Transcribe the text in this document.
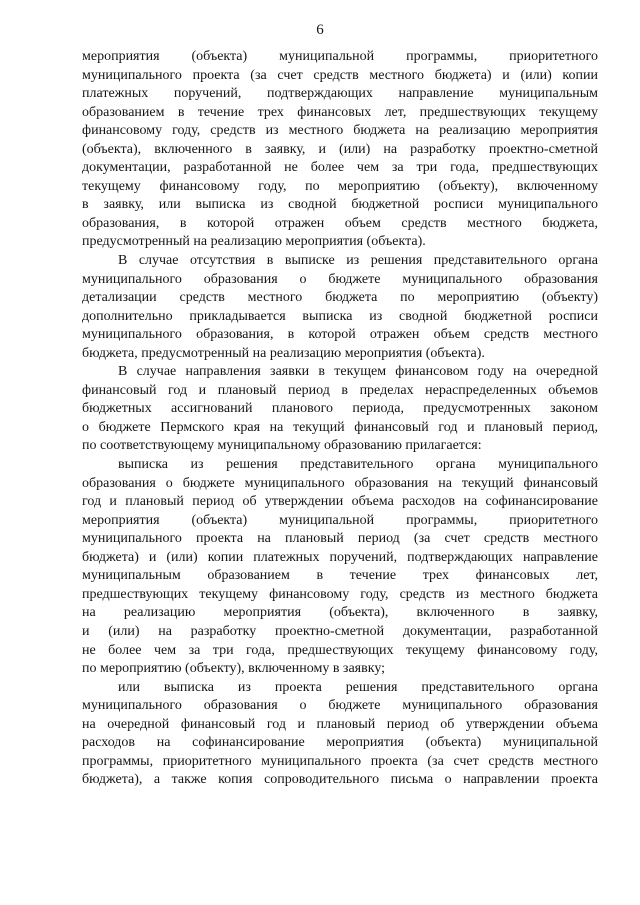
6
мероприятия (объекта) муниципальной программы, приоритетного
муниципального проекта (за счет средств местного бюджета) и (или) копии
платежных поручений, подтверждающих направление муниципальным
образованием в течение трех финансовых лет, предшествующих текущему
финансовому году, средств из местного бюджета на реализацию мероприятия
(объекта), включенного в заявку, и (или) на разработку проектно-сметной
документации, разработанной не более чем за три года, предшествующих
текущему финансовому году, по мероприятию (объекту), включенному
в заявку, или выписка из сводной бюджетной росписи муниципального
образования, в которой отражен объем средств местного бюджета,
предусмотренный на реализацию мероприятия (объекта).
В случае отсутствия в выписке из решения представительного органа
муниципального образования о бюджете муниципального образования
детализации средств местного бюджета по мероприятию (объекту)
дополнительно прикладывается выписка из сводной бюджетной росписи
муниципального образования, в которой отражен объем средств местного
бюджета, предусмотренный на реализацию мероприятия (объекта).
В случае направления заявки в текущем финансовом году на очередной
финансовый год и плановый период в пределах нераспределенных объемов
бюджетных ассигнований планового периода, предусмотренных законом
о бюджете Пермского края на текущий финансовый год и плановый период,
по соответствующему муниципальному образованию прилагается:
выписка из решения представительного органа муниципального
образования о бюджете муниципального образования на текущий финансовый
год и плановый период об утверждении объема расходов на софинансирование
мероприятия (объекта) муниципальной программы, приоритетного
муниципального проекта на плановый период (за счет средств местного
бюджета) и (или) копии платежных поручений, подтверждающих направление
муниципальным образованием в течение трех финансовых лет,
предшествующих текущему финансовому году, средств из местного бюджета
на реализацию мероприятия (объекта), включенного в заявку,
и (или) на разработку проектно-сметной документации, разработанной
не более чем за три года, предшествующих текущему финансовому году,
по мероприятию (объекту), включенному в заявку;
или выписка из проекта решения представительного органа
муниципального образования о бюджете муниципального образования
на очередной финансовый год и плановый период об утверждении объема
расходов на софинансирование мероприятия (объекта) муниципальной
программы, приоритетного муниципального проекта (за счет средств местного
бюджета), а также копия сопроводительного письма о направлении проекта
